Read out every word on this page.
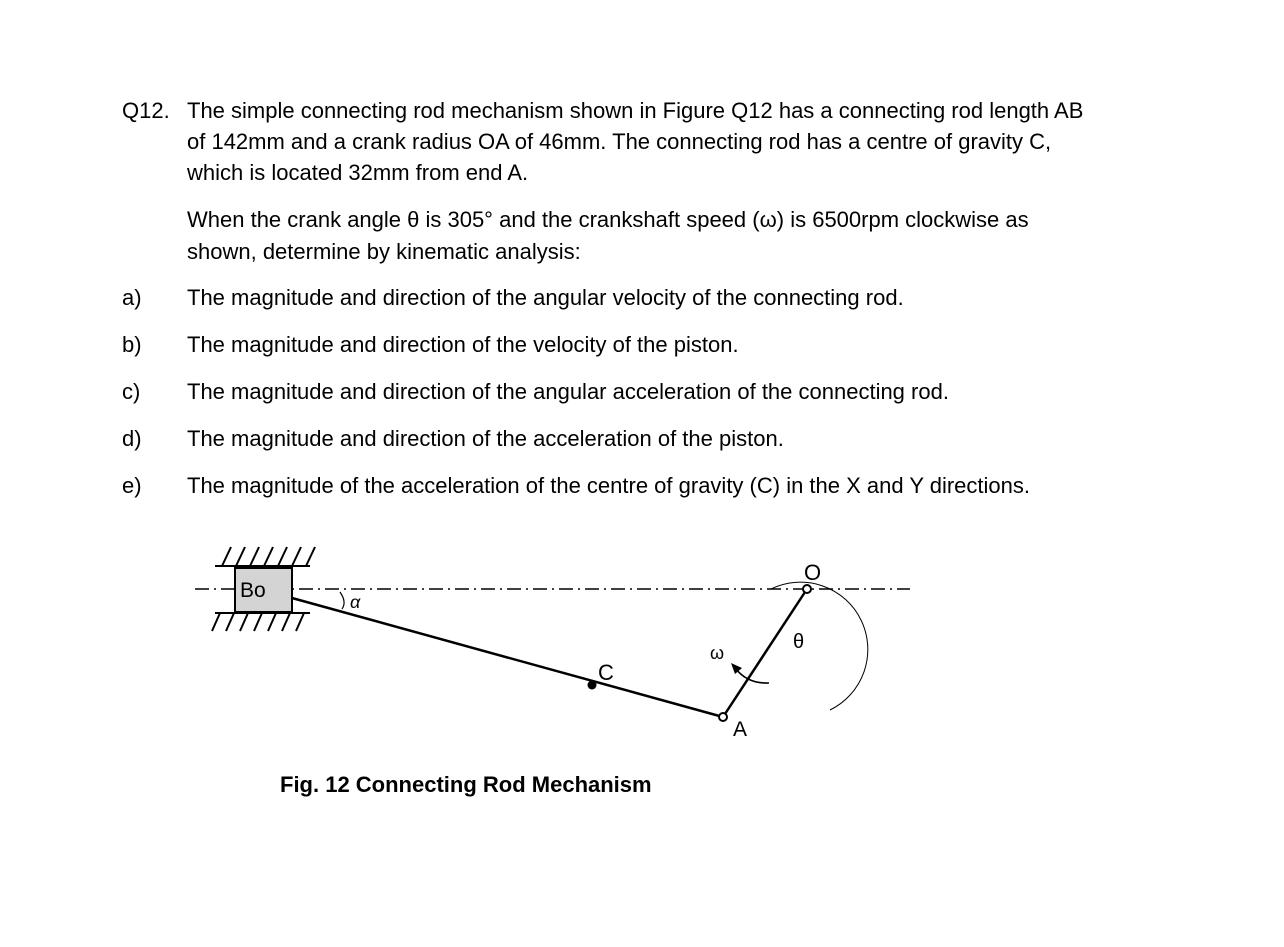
Q12. The simple connecting rod mechanism shown in Figure Q12 has a connecting rod length AB
of 142mm and a crank radius OA of 46mm. The connecting rod has a centre of gravity C,
which is located 32mm from end A.
When the crank angle θ is 305° and the crankshaft speed (ω) is 6500rpm clockwise as
shown, determine by kinematic analysis:
a) The magnitude and direction of the angular velocity of the connecting rod.
b) The magnitude and direction of the velocity of the piston.
c) The magnitude and direction of the angular acceleration of the connecting rod.
d) The magnitude and direction of the acceleration of the piston.
e) The magnitude of the acceleration of the centre of gravity (C) in the X and Y directions.
Bo	α
C
A
O
θ
ω
Fig. 12 Connecting Rod Mechanism
